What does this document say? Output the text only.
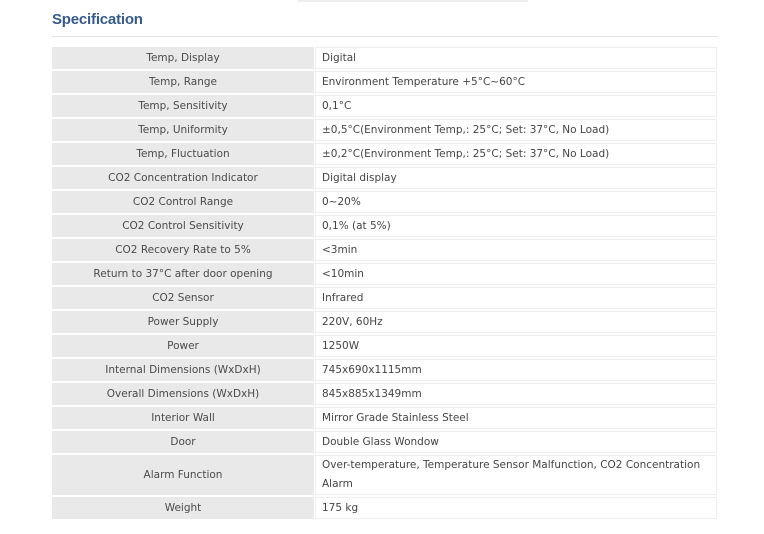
Specification
Temp, Display	Digital
Temp, Range	Environment Temperature +5°C~60°C
Temp, Sensitivity	0,1°C
Temp, Uniformity	±0,5°C(Environment Temp,: 25°C; Set: 37°C, No Load)
Temp, Fluctuation	±0,2°C(Environment Temp,: 25°C; Set: 37°C, No Load)
CO2 Concentration Indicator	Digital display
CO2 Control Range	0~20%
CO2 Control Sensitivity	0,1% (at 5%)
CO2 Recovery Rate to 5%	<3min
Return to 37°C after door opening	<10min
CO2 Sensor	Infrared
Power Supply	220V, 60Hz
Power	1250W
Internal Dimensions (WxDxH)	745x690x1115mm
Overall Dimensions (WxDxH)	845x885x1349mm
Interior Wall	Mirror Grade Stainless Steel
Door	Double Glass Wondow
Alarm Function	Over-temperature, Temperature Sensor Malfunction, CO2 Concentration Alarm
Weight	175 kg
